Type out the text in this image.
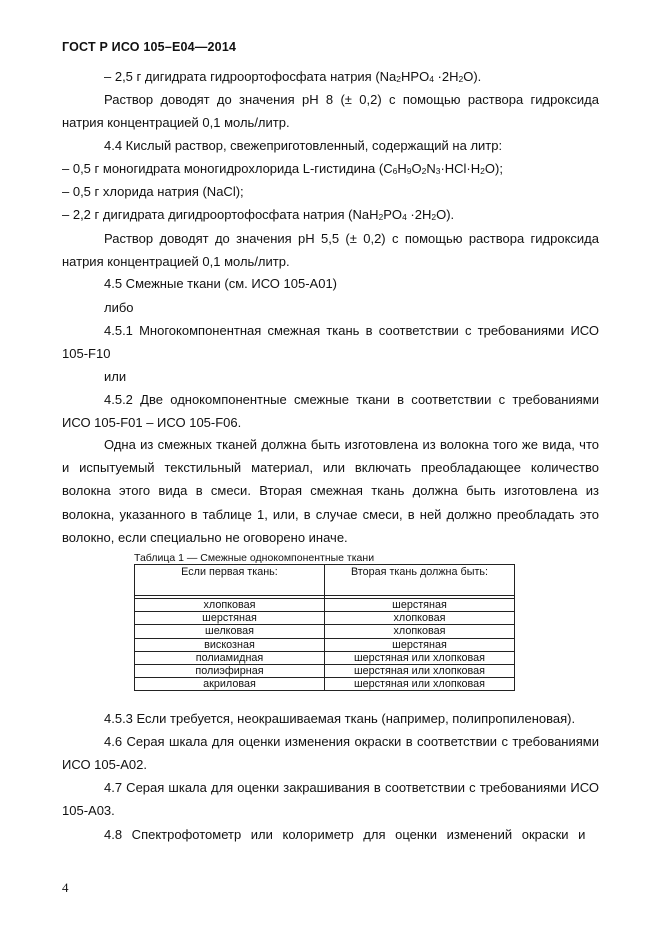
ГОСТ Р ИСО 105–Е04—2014

– 2,5 г дигидрата гидроортофосфата натрия $(Na_2HPO_4 \cdot 2H_2O)$.

Раствор доводят до значения pH 8 (± 0,2) с помощью раствора гидроксида натрия концентрацией 0,1 моль/литр.

4.4 Кислый раствор, свежеприготовленный, содержащий на литр:

– 0,5 г моногидрата моногидрохлорида L-гистидина $(C_6H_9O_2N_3\cdot HCl\cdot H_2O)$;

– 0,5 г хлорида натрия (NaCl);

– 2,2 г дигидрата дигидроортофосфата натрия $(NaH_2PO_4 \cdot 2H_2O)$.

Раствор доводят до значения pH 5,5 (± 0,2) с помощью раствора гидроксида натрия концентрацией 0,1 моль/литр.

4.5 Смежные ткани (см. ИСО 105-А01)

либо

4.5.1 Многокомпонентная смежная ткань в соответствии с требованиями ИСО 105-F10

или

4.5.2 Две однокомпонентные смежные ткани в соответствии с требованиями ИСО 105-F01 – ИСО 105-F06.

Одна из смежных тканей должна быть изготовлена из волокна того же вида, что и испытуемый текстильный материал, или включать преобладающее количество волокна этого вида в смеси. Вторая смежная ткань должна быть изготовлена из волокна, указанного в таблице 1, или, в случае смеси, в ней должно преобладать это волокно, если специально не оговорено иначе.

Таблица 1 — Смежные однокомпонентные ткани
Если первая ткань:	Вторая ткань должна быть:

хлопковая	шерстяная
шерстяная	хлопковая
шелковая	хлопковая
вискозная	шерстяная
полиамидная	шерстяная или хлопковая
полиэфирная	шерстяная или хлопковая
акриловая	шерстяная или хлопковая

4.5.3 Если требуется, неокрашиваемая ткань (например, полипропиленовая).

4.6 Серая шкала для оценки изменения окраски в соответствии с требованиями ИСО 105-А02.

4.7 Серая шкала для оценки закрашивания в соответствии с требованиями ИСО 105-А03.

4.8 Спектрофотометр или колориметр для оценки изменений окраски и

4
